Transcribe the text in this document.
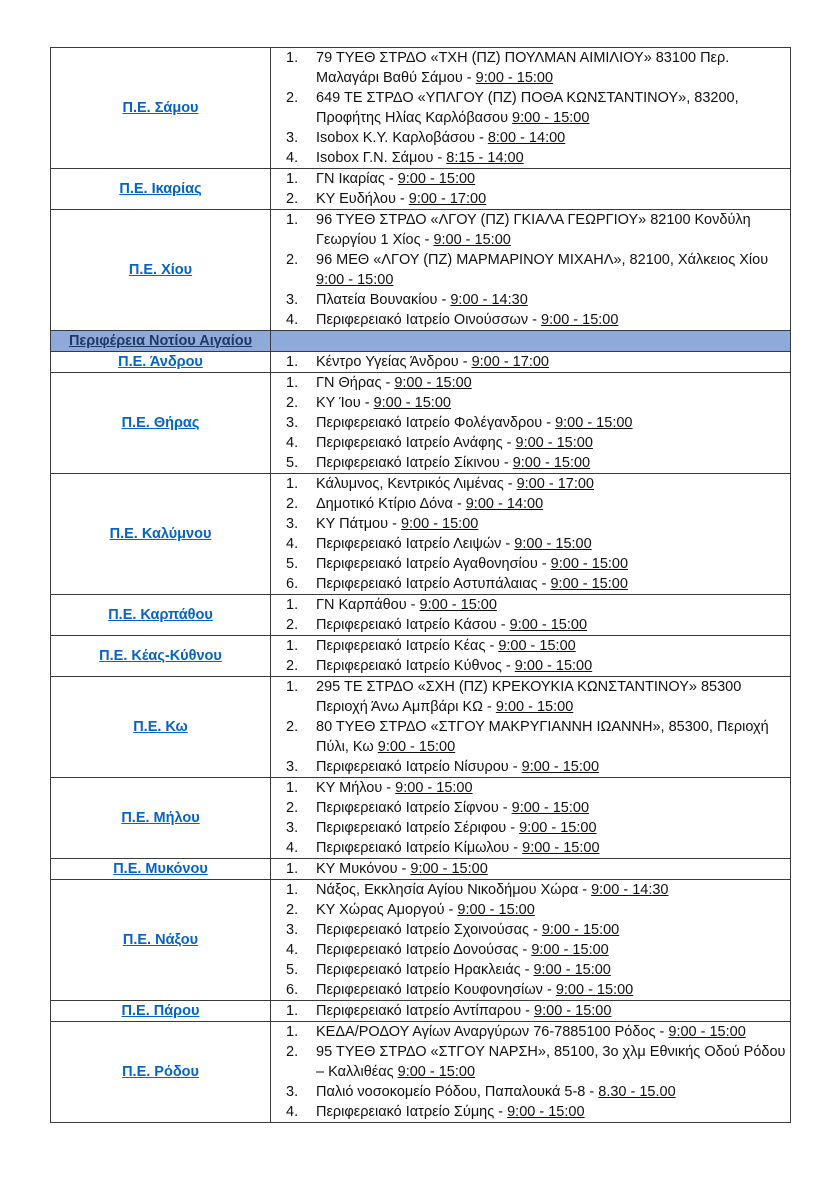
Π.Ε. Σάμου	
1.	79 ΤΥΕΘ ΣΤΡΔΟ «ΤΧΗ (ΠΖ) ΠΟΥΛΜΑΝ ΑΙΜΙΛΙΟΥ» 83100 Περ. Μαλαγάρι Βαθύ Σάμου - 9:00 - 15:00
2.	649 ΤΕ ΣΤΡΔΟ «ΥΠΛΓΟΥ (ΠΖ) ΠΟΘΑ ΚΩΝΣΤΑΝΤΙΝΟΥ», 83200, Προφήτης Ηλίας Καρλόβασου 9:00 - 15:00
3.	Isobox Κ.Υ. Καρλοβάσου - 8:00 - 14:00
4.	Isobox Γ.Ν. Σάμου - 8:15 - 14:00

Π.Ε. Ικαρίας	
1.	ΓΝ Ικαρίας - 9:00 - 15:00
2.	ΚΥ Ευδήλου - 9:00 - 17:00

Π.Ε. Χίου	
1.	96 ΤΥΕΘ ΣΤΡΔΟ «ΛΓΟΥ (ΠΖ) ΓΚΙΑΛΑ ΓΕΩΡΓΙΟΥ» 82100 Κονδύλη Γεωργίου 1 Χίος - 9:00 - 15:00
2.	96 ΜΕΘ «ΛΓΟΥ (ΠΖ) ΜΑΡΜΑΡΙΝΟΥ ΜΙΧΑΗΛ», 82100, Χάλκειος Χίου 9:00 - 15:00
3.	Πλατεία Βουνακίου - 9:00 - 14:30
4.	Περιφερειακό Ιατρείο Οινούσσων - 9:00 - 15:00

Περιφέρεια Νοτίου Αιγαίου	
Π.Ε. Άνδρου	1.	Κέντρο Υγείας Άνδρου - 9:00 - 17:00

Π.Ε. Θήρας	
1.	ΓΝ Θήρας - 9:00 - 15:00
2.	ΚΥ Ίου - 9:00 - 15:00
3.	Περιφερειακό Ιατρείο Φολέγανδρου - 9:00 - 15:00
4.	Περιφερειακό Ιατρείο Ανάφης - 9:00 - 15:00
5.	Περιφερειακό Ιατρείο Σίκινου - 9:00 - 15:00

Π.Ε. Καλύμνου	
1.	Κάλυμνος, Κεντρικός Λιμένας - 9:00 - 17:00
2.	Δημοτικό Κτίριο Δόνα - 9:00 - 14:00
3.	ΚΥ Πάτμου - 9:00 - 15:00
4.	Περιφερειακό Ιατρείο Λειψών - 9:00 - 15:00
5.	Περιφερειακό Ιατρείο Αγαθονησίου - 9:00 - 15:00
6.	Περιφερειακό Ιατρείο Αστυπάλαιας - 9:00 - 15:00

Π.Ε. Καρπάθου	
1.	ΓΝ Καρπάθου - 9:00 - 15:00
2.	Περιφερειακό Ιατρείο Κάσου - 9:00 - 15:00

Π.Ε. Κέας-Κύθνου	
1.	Περιφερειακό Ιατρείο Κέας - 9:00 - 15:00
2.	Περιφερειακό Ιατρείο Κύθνος - 9:00 - 15:00

Π.Ε. Κω	
1.	295 ΤΕ ΣΤΡΔΟ «ΣΧΗ (ΠΖ) ΚΡΕΚΟΥΚΙΑ ΚΩΝΣΤΑΝΤΙΝΟΥ» 85300 Περιοχή Άνω Αμπβάρι ΚΩ - 9:00 - 15:00
2.	80 ΤΥΕΘ ΣΤΡΔΟ «ΣΤΓΟΥ ΜΑΚΡΥΓΙΑΝΝΗ ΙΩΑΝΝΗ», 85300, Περιοχή Πύλι, Κω 9:00 - 15:00
3.	Περιφερειακό Ιατρείο Νίσυρου - 9:00 - 15:00

Π.Ε. Μήλου	
1.	ΚΥ Μήλου - 9:00 - 15:00
2.	Περιφερειακό Ιατρείο Σίφνου - 9:00 - 15:00
3.	Περιφερειακό Ιατρείο Σέριφου - 9:00 - 15:00
4.	Περιφερειακό Ιατρείο Κίμωλου - 9:00 - 15:00

Π.Ε. Μυκόνου	1.	ΚΥ Μυκόνου - 9:00 - 15:00

Π.Ε. Νάξου	
1.	Νάξος, Εκκλησία Αγίου Νικοδήμου Χώρα - 9:00 - 14:30
2.	ΚΥ Χώρας Αμοργού - 9:00 - 15:00
3.	Περιφερειακό Ιατρείο Σχοινούσας - 9:00 - 15:00
4.	Περιφερειακό Ιατρείο Δονούσας - 9:00 - 15:00
5.	Περιφερειακό Ιατρείο Ηρακλειάς - 9:00 - 15:00
6.	Περιφερειακό Ιατρείο Κουφονησίων - 9:00 - 15:00

Π.Ε. Πάρου	1.	Περιφερειακό Ιατρείο Αντίπαρου - 9:00 - 15:00

Π.Ε. Ρόδου	
1.	ΚΕΔΑ/ΡΟΔΟΥ Αγίων Αναργύρων 76-7885100 Ρόδος - 9:00 - 15:00
2.	95 ΤΥΕΘ ΣΤΡΔΟ «ΣΤΓΟΥ ΝΑΡΣΗ», 85100, 3ο χλμ Εθνικής Οδού Ρόδου – Καλλιθέας 9:00 - 15:00
3.	Παλιό νοσοκομείο Ρόδου, Παπαλουκά 5-8 - 8.30 - 15.00
4.	Περιφερειακό Ιατρείο Σύμης - 9:00 - 15:00
